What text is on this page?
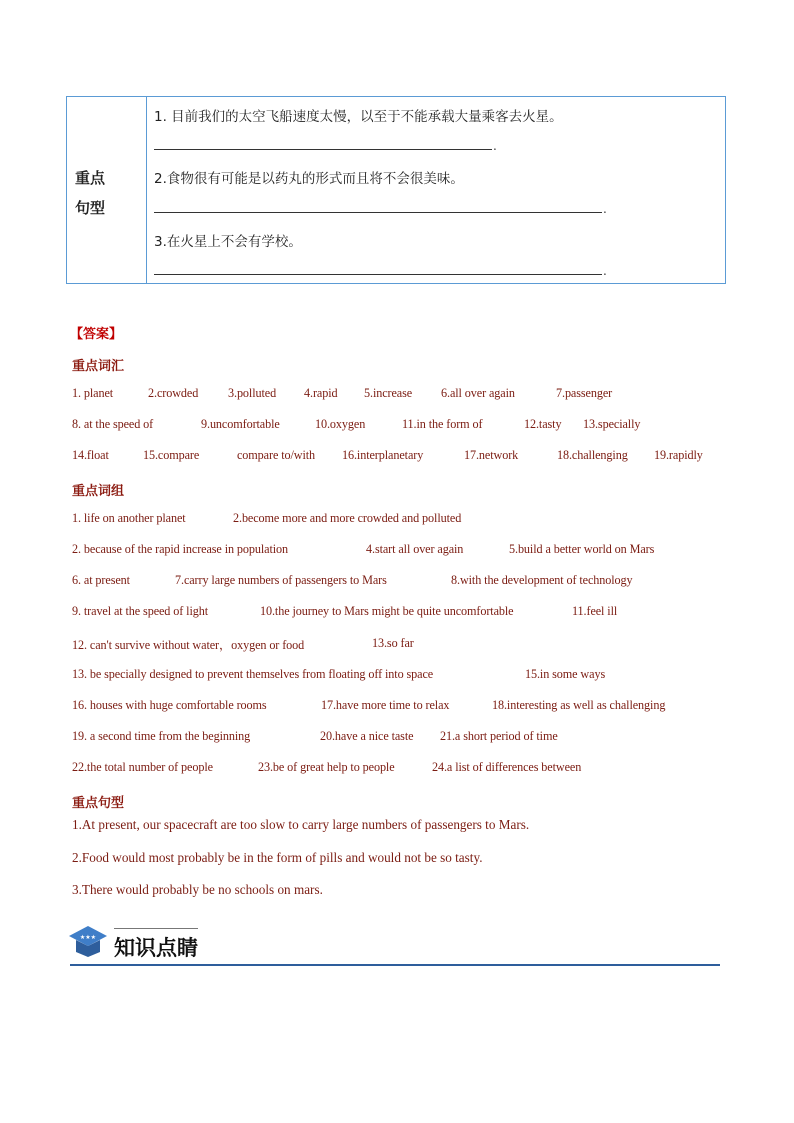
重点
句型
1. 目前我们的太空飞船速度太慢，以至于不能承载大量乘客去火星。
.
2.食物很有可能是以药丸的形式而且将不会很美味。
.
3.在火星上不会有学校。
.
【答案】
重点词汇
1. planet	2.crowded 3.polluted 4.rapid 5.increase 6.all over again	7.passenger
8. at the speed of	9.uncomfortable	10.oxygen	11.in the form of	12.tasty 13.specially
14.float	15.compare	compare to/with 16.interplanetary	17.network	18.challenging 19.rapidly
重点词组
1. life on another planet	2.become more and more crowded and polluted
2. because of the rapid increase in population	4.start all over again	5.build a better world on Mars
6. at present	7.carry large numbers of passengers to Mars	8.with the development of technology
9. travel at the speed of light	10.the journey to Mars might be quite uncomfortable	11.feel ill
12. can't survive without water，oxygen or food	13.so far
13. be specially designed to prevent themselves from floating off into space	15.in some ways
16. houses with huge comfortable rooms	17.have more time to relax	18.interesting as well as challenging
19. a second time from the beginning	20.have a nice taste 21.a short period of time
22.the total number of people	23.be of great help to people	24.a list of differences between
重点句型
1.At present, our spacecraft are too slow to carry large numbers of passengers to Mars.
2.Food would most probably be in the form of pills and would not be so tasty.
3.There would probably be no schools on mars.
★★★ 知识点睛
